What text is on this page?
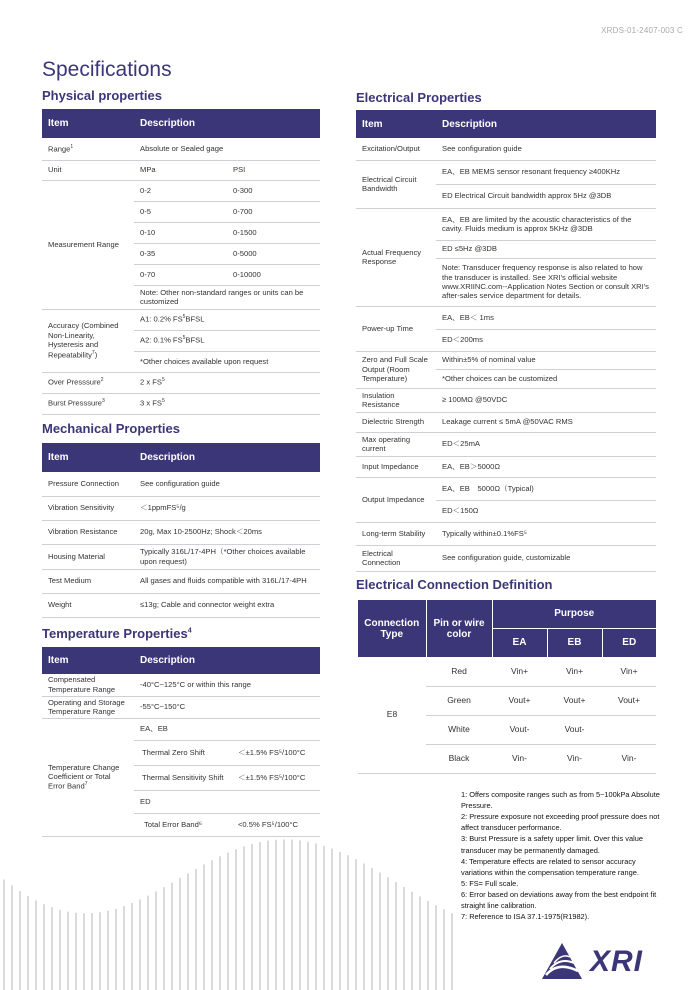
XRDS-01-2407-003 C
Specifications
Physical properties
Item	Description	
Range$^1$	Absolute or Sealed gage	
Unit	MPa	PSI
Measurement Range	0-2	0-300
	0-5	0-700
	0-10	0-1500
	0-35	0-5000
	0-70	0-10000
	Note: Other non-standard ranges or units can be customized	
Accuracy (Combined Non-Linearity, Hysteresis and Repeatability$^7$)	A1: 0.2% $FS^5BFSL$	
	A2: 0.1% $FS^5BFSL$	
	*Other choices available upon request	
Over Presssure$^2$	2 x $FS^5$
Burst Presssure$^3$	3 x $FS^5$
Mechanical Properties
Item	Description
Pressure Connection	See configuration guide
Vibration Sensitivity	＜1ppmFS⁵/g
Vibration Resistance	20g, Max 10-2500Hz; Shock＜20ms
Housing Material	Typically 316L/17-4PH（*Other choices available upon request)
Test Medium	All gases and fluids compatible with 316L/17-4PH
Weight	≤13g; Cable and connector weight extra
Temperature Properties$^4$
Item	Description	
Compensated Temperature Range	-40°C~125°C or within this range	
Operating and Storage Temperature Range	-55°C~150°C	
Temperature Change Coefficient or Total Error Band$^7$	EA、EB	
	Thermal Zero Shift	＜±1.5% FS⁵/100°C
	Thermal Sensitivity Shift	＜±1.5% FS⁵/100°C
	ED	
	Total Error Band⁶	<0.5% FS⁵/100°C
Electrical Properties
Item	Description
Excitation/Output	See configuration guide
Electrical Circuit Bandwidth	EA、EB MEMS sensor resonant frequency ≥400KHz
	ED Electrical Circuit bandwidth approx 5Hz @3DB
Actual Frequency Response	EA、EB are limited by the acoustic characteristics of the cavity. Fluids medium is approx 5KHz @3DB
	ED ≤5Hz @3DB
	Note: Transducer frequency response is also related to how the transducer is installed. See XRI's official website www.XRIINC.com--Application Notes Section or consult XRI's after-sales service department for details.
Power-up Time	EA、EB＜ 1ms
	ED＜200ms
Zero and Full Scale Output (Room Temperature)	Within±5% of nominal value
	*Other choices can be customized
Insulation Resistance	≥ 100MΩ @50VDC
Dielectric Strength	Leakage current ≤ 5mA @50VAC RMS
Max operating current	ED＜25mA
Input Impedance	EA、EB＞5000Ω
Output Impedance	EA、EB　5000Ω（Typical)
	ED＜150Ω
Long-term Stability	Typically within±0.1%FS⁵
Electrical Connection	See configuration guide, customizable
Electrical Connection Definition
Connection Type	Pin or wire color	Purpose		
		EA	EB	ED
E8	Red	Vin+	Vin+	Vin+
	Green	Vout+	Vout+	Vout+
	White	Vout-	Vout-	
	Black	Vin-	Vin-	Vin-
1: Offers composite ranges such as from 5~100kPa Absolute Pressure.
2: Pressure exposure not exceeding proof pressure does not affect transducer performance.
3: Burst Pressure is a safety upper limit. Over this value transducer may be permanently damaged.
4: Temperature effects are related to sensor accuracy variations within the compensation temperature range.
5: FS= Full scale.
6: Error based on deviations away from the best endpoint fit straight line calibration.
7: Reference to ISA 37.1-1975(R1982).
XRI
